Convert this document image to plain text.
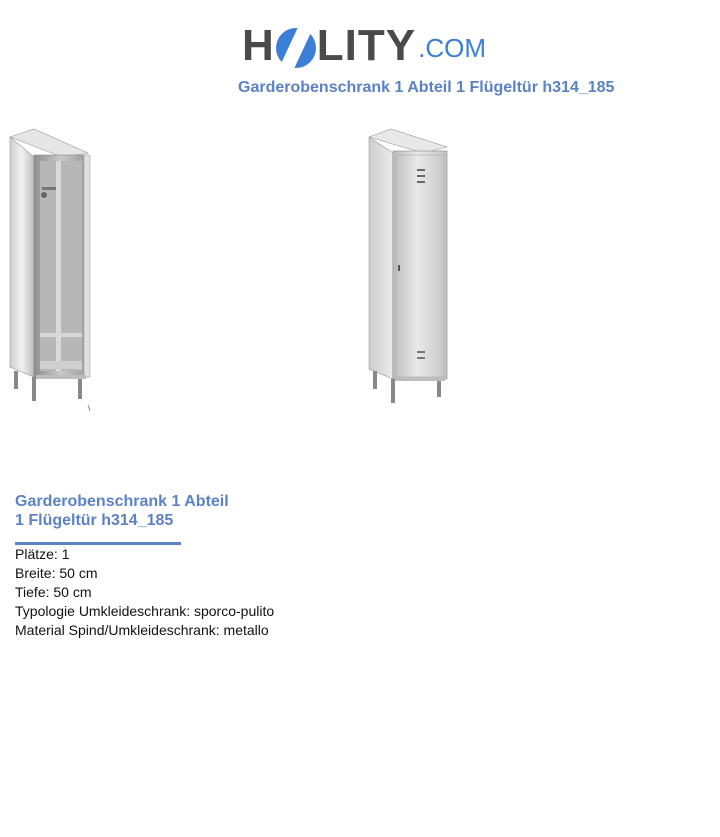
H LITY .COM
Garderobenschrank 1 Abteil 1 Flügeltür h314_185
Garderobenschrank 1 Abteil
1 Flügeltür h314_185
Plätze: 1
Breite: 50 cm
Tiefe: 50 cm
Typologie Umkleideschrank: sporco-pulito
Material Spind/Umkleideschrank: metallo
